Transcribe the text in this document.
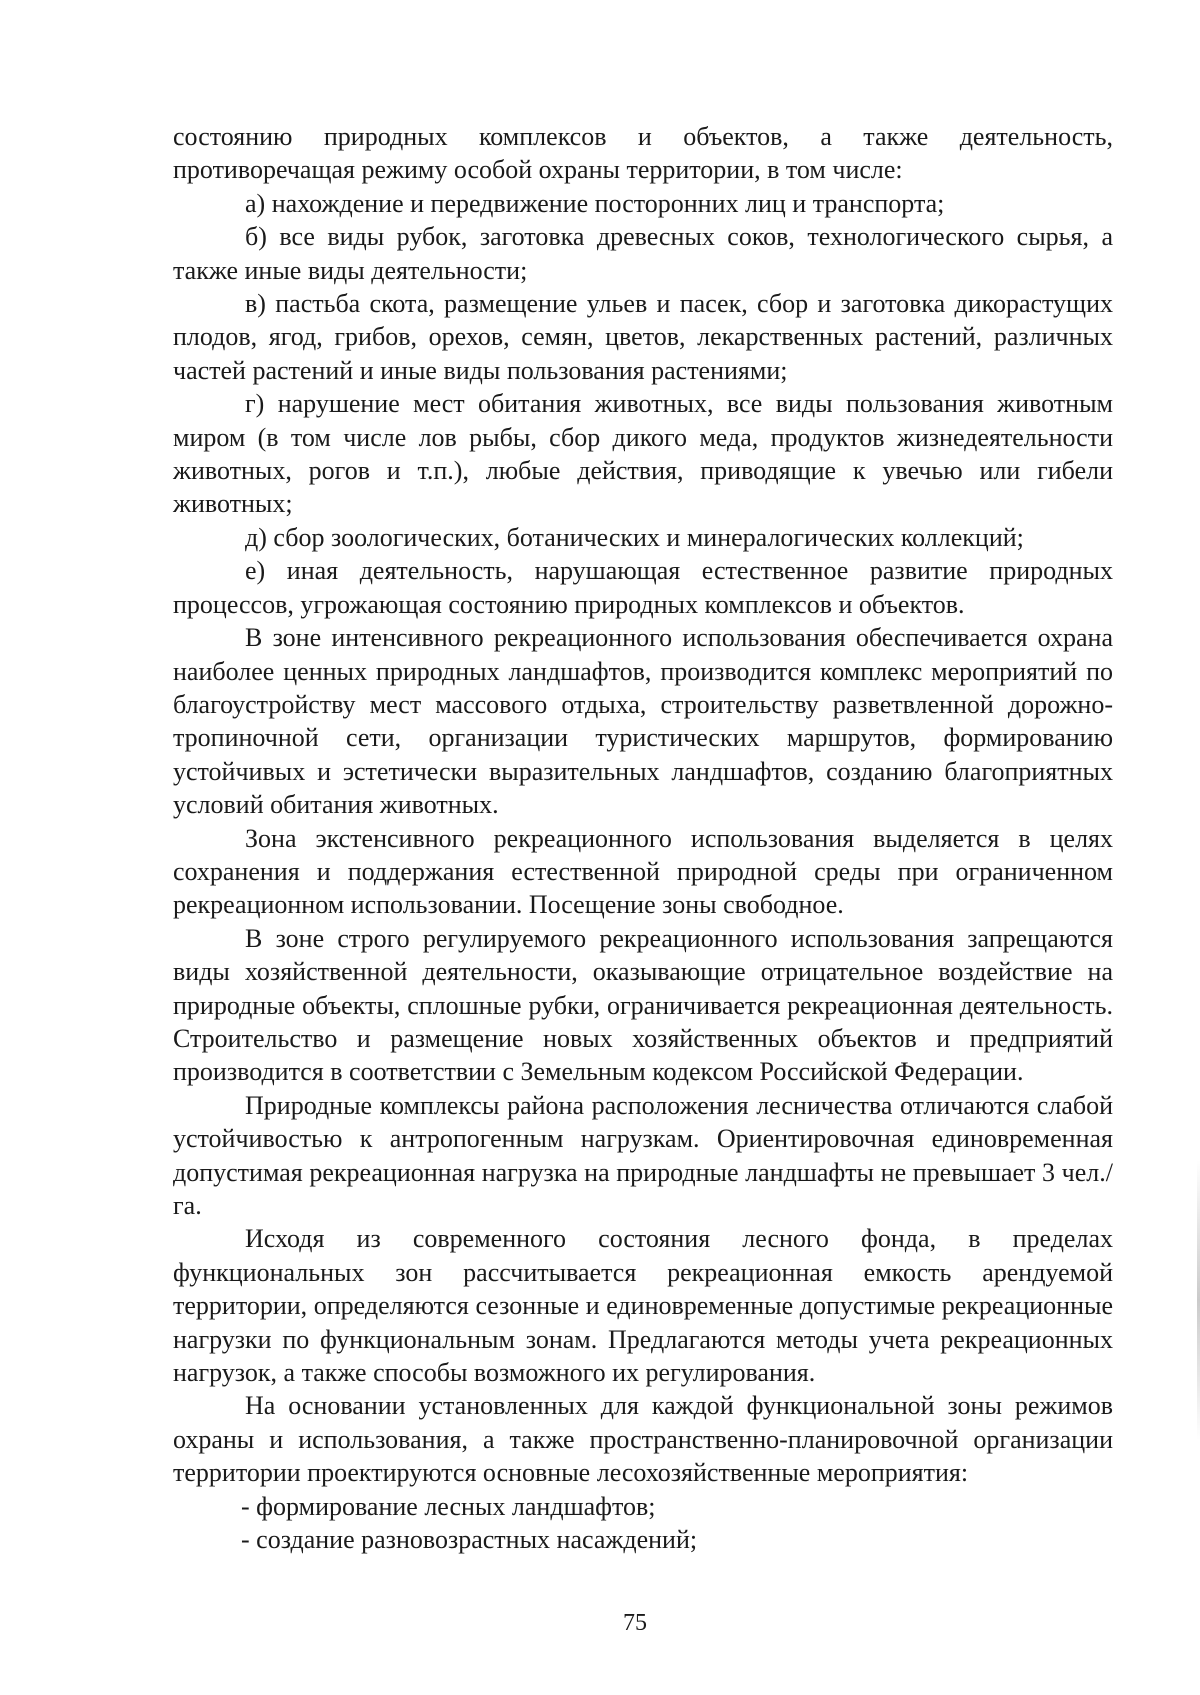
состоянию природных комплексов и объектов, а также деятельность, противоречащая режиму особой охраны территории, в том числе:

а) нахождение и передвижение посторонних лиц и транспорта;

б) все виды рубок, заготовка древесных соков, технологического сырья, а также иные виды деятельности;

в) пастьба скота, размещение ульев и пасек, сбор и заготовка дикорастущих плодов, ягод, грибов, орехов, семян, цветов, лекарственных растений, различных частей растений и иные виды пользования растениями;

г) нарушение мест обитания животных, все виды пользования животным миром (в том числе лов рыбы, сбор дикого меда, продуктов жизнедеятельности животных, рогов и т.п.), любые действия, приводящие к увечью или гибели животных;

д) сбор зоологических, ботанических и минералогических коллекций;

е) иная деятельность, нарушающая естественное развитие природных процессов, угрожающая состоянию природных комплексов и объектов.

В зоне интенсивного рекреационного использования обеспечивается охрана наиболее ценных природных ландшафтов, производится комплекс мероприятий по благоустройству мест массового отдыха, строительству разветвленной дорожно-тропиночной сети, организации туристических маршрутов, формированию устойчивых и эстетически выразительных ландшафтов, созданию благоприятных условий обитания животных.

Зона экстенсивного рекреационного использования выделяется в целях сохранения и поддержания естественной природной среды при ограниченном рекреационном использовании. Посещение зоны свободное.

В зоне строго регулируемого рекреационного использования запрещаются виды хозяйственной деятельности, оказывающие отрицательное воздействие на природные объекты, сплошные рубки, ограничивается рекреационная деятельность. Строительство и размещение новых хозяйственных объектов и предприятий производится в соответствии с Земельным кодексом Российской Федерации.

Природные комплексы района расположения лесничества отличаются слабой устойчивостью к антропогенным нагрузкам. Ориентировочная единовременная допустимая рекреационная нагрузка на природные ландшафты не превышает 3 чел./га.

Исходя из современного состояния лесного фонда, в пределах функциональных зон рассчитывается рекреационная емкость арендуемой территории, определяются сезонные и единовременные допустимые рекреационные нагрузки по функциональным зонам. Предлагаются методы учета рекреационных нагрузок, а также способы возможного их регулирования.

На основании установленных для каждой функциональной зоны режимов охраны и использования, а также пространственно-планировочной организации территории проектируются основные лесохозяйственные мероприятия:

- формирование лесных ландшафтов;

- создание разновозрастных насаждений;

75
